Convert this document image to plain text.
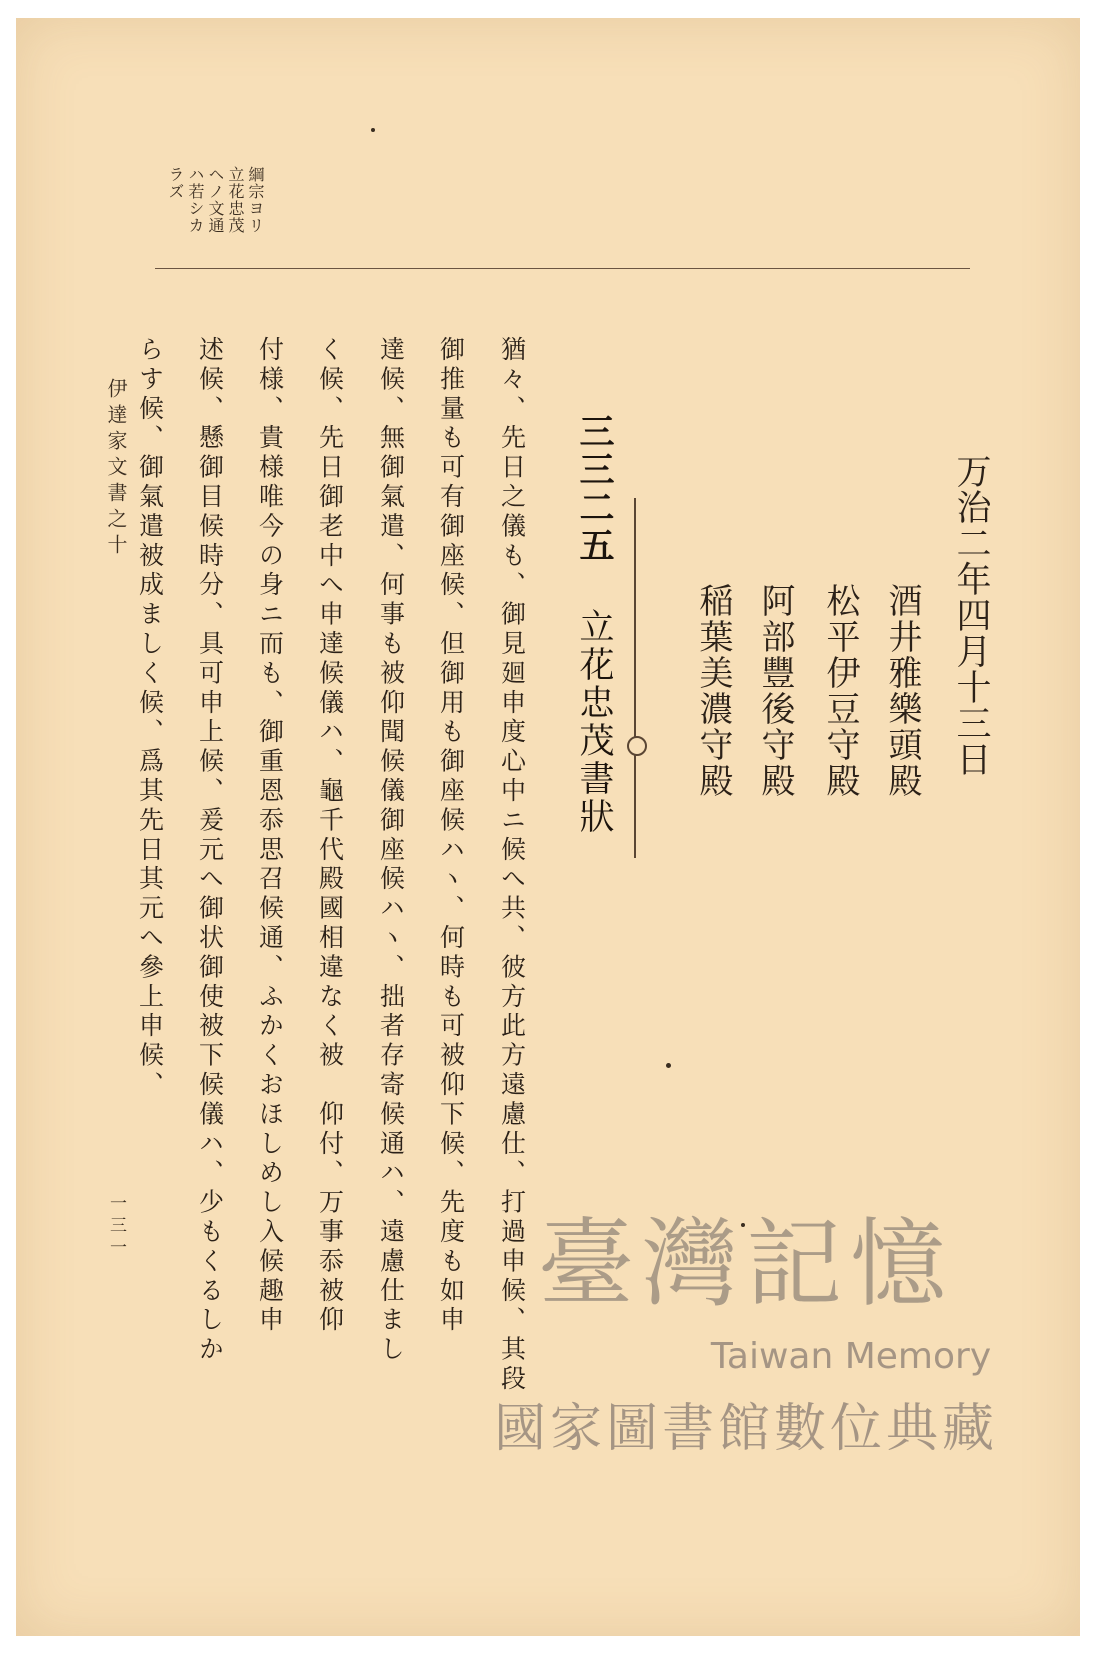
綱宗ヨリ
立花忠茂
ヘノ文通
ハ若シカ
ラズ
万治二年四月十三日
酒井雅樂頭殿
松平伊豆守殿
阿部豐後守殿
稲葉美濃守殿
三三二五
立花忠茂書狀
猶々、先日之儀も、御見廻申度心中ニ候へ共、彼方此方遠慮仕、打過申候、其段
御推量も可有御座候、但御用も御座候ハヽ、何時も可被仰下候、先度も如申
達候、無御氣遣、何事も被仰聞候儀御座候ハヽ、拙者存寄候通ハ、遠慮仕まし
く候、先日御老中へ申達候儀ハ、龜千代殿國相違なく被　仰付、万事忝被仰
付様、貴様唯今の身ニ而も、御重恩忝思召候通、ふかくおほしめし入候趣申
述候、懸御目候時分、具可申上候、爰元へ御状御使被下候儀ハ、少もくるしか
らす候、御氣遣被成ましく候、爲其先日其元へ參上申候、
伊達家文書之十
一三一	臺灣記憶
Taiwan Memory
國家圖書館數位典藏
